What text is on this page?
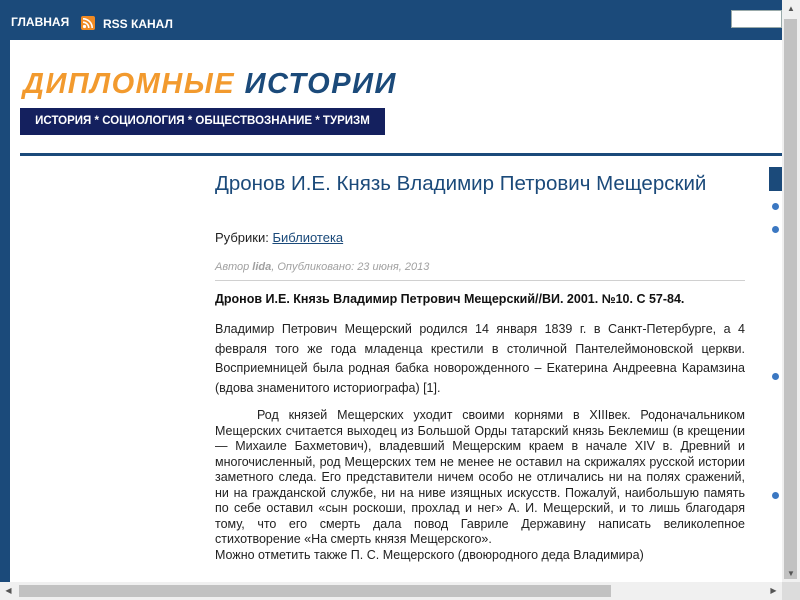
ГЛАВНАЯ	RSS КАНАЛ
ДИПЛОМНЫЕ ИСТОРИИ
ИСТОРИЯ * СОЦИОЛОГИЯ * ОБЩЕСТВОЗНАНИЕ * ТУРИЗМ
Дронов И.Е. Князь Владимир Петрович Мещерский
Рубрики: Библиотека
Автор lida, Опубликовано: 23 июня, 2013
Дронов И.Е. Князь Владимир Петрович Мещерский//ВИ. 2001. №10. С 57-84.

Владимир Петрович Мещерский родился 14 января 1839 г. в Санкт-Петербурге, а 4 февраля того же года младенца крестили в столичной Пантелеймоновской церкви. Восприемницей была родная бабка новорожденного – Екатерина Андреевна Карамзина (вдова знаменитого историографа) [1].

Род князей Мещерских уходит своими корнями в XIIIвек. Родоначальником Мещерских считается выходец из Большой Орды татарский князь Беклемиш (в крещении — Михаиле Бахметович), владевший Мещерским краем в начале XIV в. Древний и многочисленный, род Мещерских тем не менее не оставил на скрижалях русской истории заметного следа. Его представители ничем особо не отличались ни на полях сражений, ни на гражданской службе, ни на ниве изящных искусств. Пожалуй, наибольшую память по себе оставил «сын роскоши, прохлад и нег» А. И. Мещерский, и то лишь благодаря тому, что его смерть дала повод Гавриле Державину написать великолепное стихотворение «На смерть князя Мещерского».
Можно отметить также П. С. Мещерского (двоюродного деда Владимира)

▲
▼
◀	▶
